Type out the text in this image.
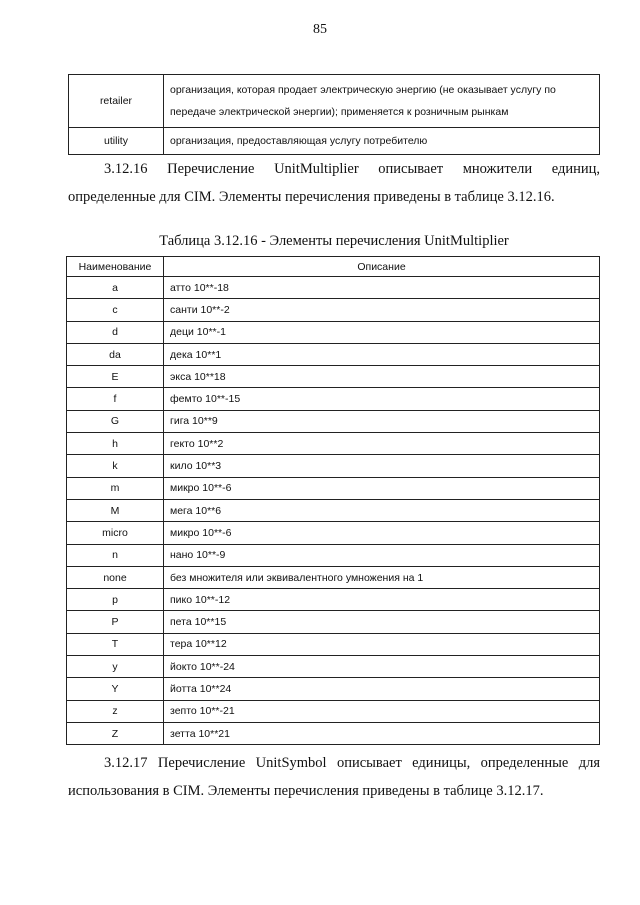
85
retailer	организация, которая продает электрическую энергию (не оказывает услугу по передаче электрической энергии); применяется к розничным рынкам
utility	организация, предоставляющая услугу потребителю
3.12.16 Перечисление UnitMultiplier описывает множители единиц,
определенные для CIM. Элементы перечисления приведены в таблице 3.12.16.
Таблица 3.12.16 - Элементы перечисления UnitMultiplier
Наименование	Описание
a	атто 10**-18
c	санти 10**-2
d	деци 10**-1
da	дека 10**1
E	экса 10**18
f	фемто 10**-15
G	гига 10**9
h	гекто 10**2
k	кило 10**3
m	микро 10**-6
M	мега 10**6
micro	микро 10**-6
n	нано 10**-9
none	без множителя или эквивалентного умножения на 1
p	пико 10**-12
P	пета 10**15
T	тера 10**12
y	йокто 10**-24
Y	йотта 10**24
z	зепто 10**-21
Z	зетта 10**21
3.12.17 Перечисление UnitSymbol описывает единицы, определенные для
использования в CIM. Элементы перечисления приведены в таблице 3.12.17.
